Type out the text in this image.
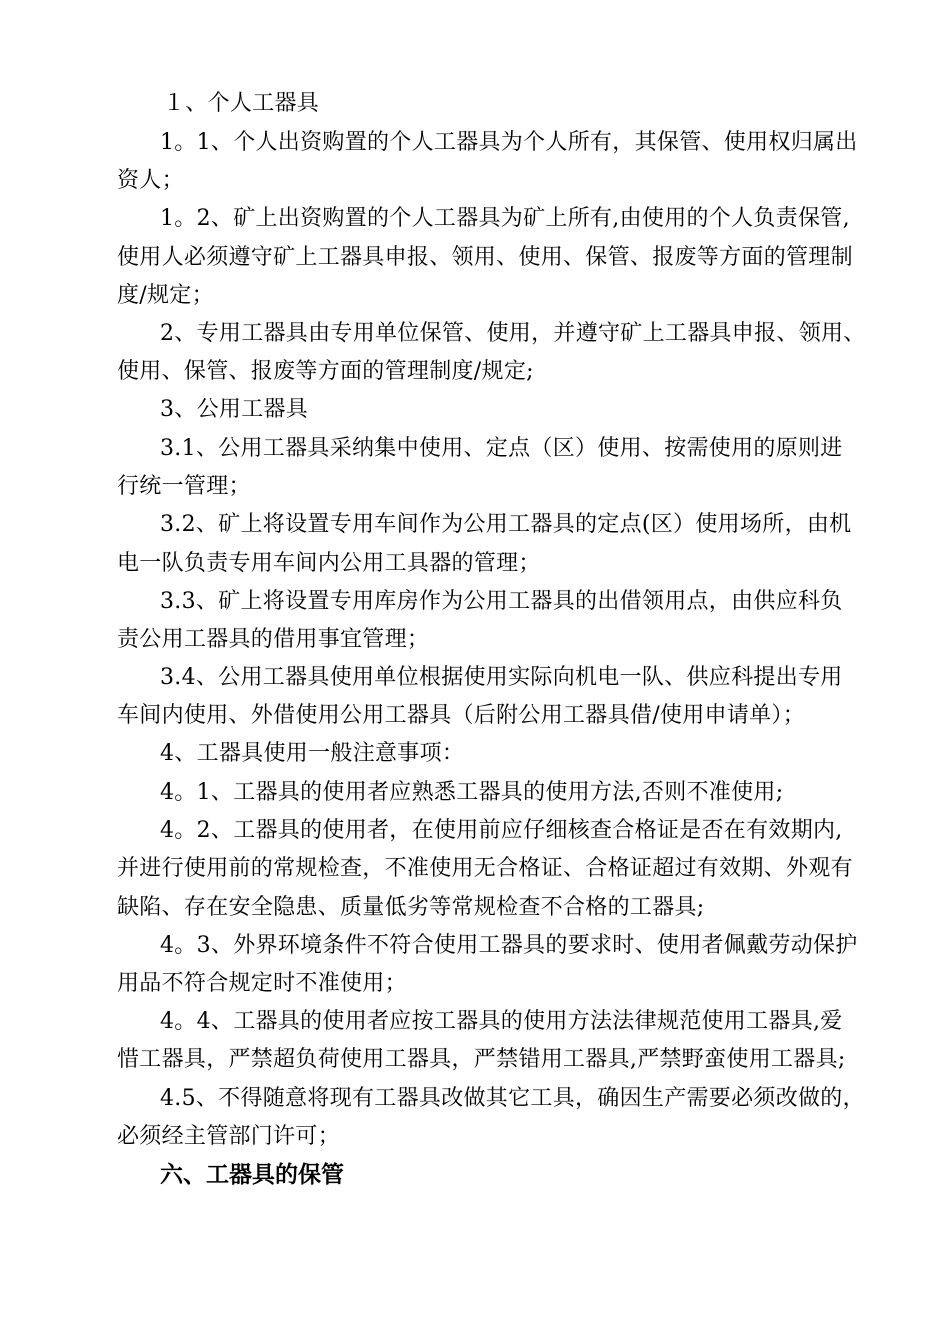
１、个人工器具
1。1、个人出资购置的个人工器具为个人所有，其保管、使用权归属出
资人；
1。2、矿上出资购置的个人工器具为矿上所有,由使用的个人负责保管,
使用人必须遵守矿上工器具申报、领用、使用、保管、报废等方面的管理制
度/规定；
2、专用工器具由专用单位保管、使用，并遵守矿上工器具申报、领用、
使用、保管、报废等方面的管理制度/规定;
3、公用工器具
3.1、公用工器具采纳集中使用、定点（区）使用、按需使用的原则进
行统一管理；
3.2、矿上将设置专用车间作为公用工器具的定点(区）使用场所，由机
电一队负责专用车间内公用工具器的管理；
3.3、矿上将设置专用库房作为公用工器具的出借领用点，由供应科负
责公用工器具的借用事宜管理；
3.4、公用工器具使用单位根据使用实际向机电一队、供应科提出专用
车间内使用、外借使用公用工器具（后附公用工器具借/使用申请单）；
4、工器具使用一般注意事项：
4。1、工器具的使用者应熟悉工器具的使用方法,否则不准使用;
4。2、工器具的使用者，在使用前应仔细核查合格证是否在有效期内,
并进行使用前的常规检查，不准使用无合格证、合格证超过有效期、外观有
缺陷、存在安全隐患、质量低劣等常规检查不合格的工器具;
4。3、外界环境条件不符合使用工器具的要求时、使用者佩戴劳动保护
用品不符合规定时不准使用；
4。4、工器具的使用者应按工器具的使用方法法律规范使用工器具,爱
惜工器具，严禁超负荷使用工器具，严禁错用工器具,严禁野蛮使用工器具;
4.5、不得随意将现有工器具改做其它工具，确因生产需要必须改做的，
必须经主管部门许可；
六、工器具的保管
